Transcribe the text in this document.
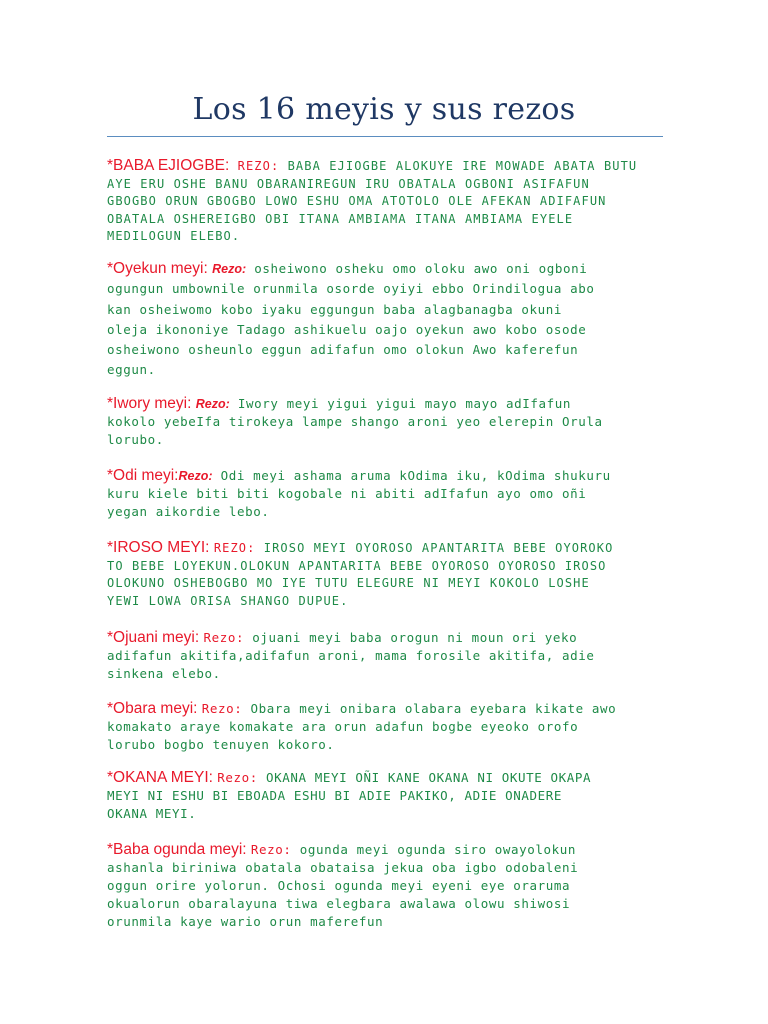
Los 16 meyis y sus rezos
*BABA EJIOGBE: REZO: BABA EJIOGBE ALOKUYE IRE MOWADE ABATA BUTU
AYE ERU OSHE BANU OBARANIREGUN IRU OBATALA OGBONI ASIFAFUN
GBOGBO ORUN GBOGBO LOWO ESHU OMA ATOTOLO OLE AFEKAN ADIFAFUN
OBATALA OSHEREIGBO OBI ITANA AMBIAMA ITANA AMBIAMA EYELE
MEDILOGUN ELEBO.
*Oyekun meyi: Rezo: osheiwono osheku omo oloku awo oni ogboni
ogungun umbownile orunmila osorde oyiyi ebbo Orindilogua abo
kan osheiwomo kobo iyaku eggungun baba alagbanagba okuni
oleja ikononiye Tadago ashikuelu oajo oyekun awo kobo osode
osheiwono osheunlo eggun adifafun omo olokun Awo kaferefun
eggun.
*Iwory meyi: Rezo: Iwory meyi yigui yigui mayo mayo adIfafun
kokolo yebeIfa tirokeya lampe shango aroni yeo elerepin Orula
lorubo.
*Odi meyi:Rezo: Odi meyi ashama aruma kOdima iku, kOdima shukuru
kuru kiele biti biti kogobale ni abiti adIfafun ayo omo oñi
yegan aikordie lebo.
*IROSO MEYI: REZO: IROSO MEYI OYOROSO APANTARITA BEBE OYOROKO
TO BEBE LOYEKUN.OLOKUN APANTARITA BEBE OYOROSO OYOROSO IROSO
OLOKUNO OSHEBOGBO MO IYE TUTU ELEGURE NI MEYI KOKOLO LOSHE
YEWI LOWA ORISA SHANGO DUPUE.
*Ojuani meyi: Rezo: ojuani meyi baba orogun ni moun ori yeko
adifafun akitifa,adifafun aroni, mama forosile akitifa, adie
sinkena elebo.
*Obara meyi: Rezo: Obara meyi onibara olabara eyebara kikate awo
komakato araye komakate ara orun adafun bogbe eyeoko orofo
lorubo bogbo tenuyen kokoro.
*OKANA MEYI: Rezo: OKANA MEYI OÑI KANE OKANA NI OKUTE OKAPA
MEYI NI ESHU BI EBOADA ESHU BI ADIE PAKIKO, ADIE ONADERE
OKANA MEYI.
*Baba ogunda meyi: Rezo: ogunda meyi ogunda siro owayolokun
ashanla biriniwa obatala obataisa jekua oba igbo odobaleni
oggun orire yolorun. Ochosi ogunda meyi eyeni eye oraruma
okualorun obaralayuna tiwa elegbara awalawa olowu shiwosi
orunmila kaye wario orun maferefun
